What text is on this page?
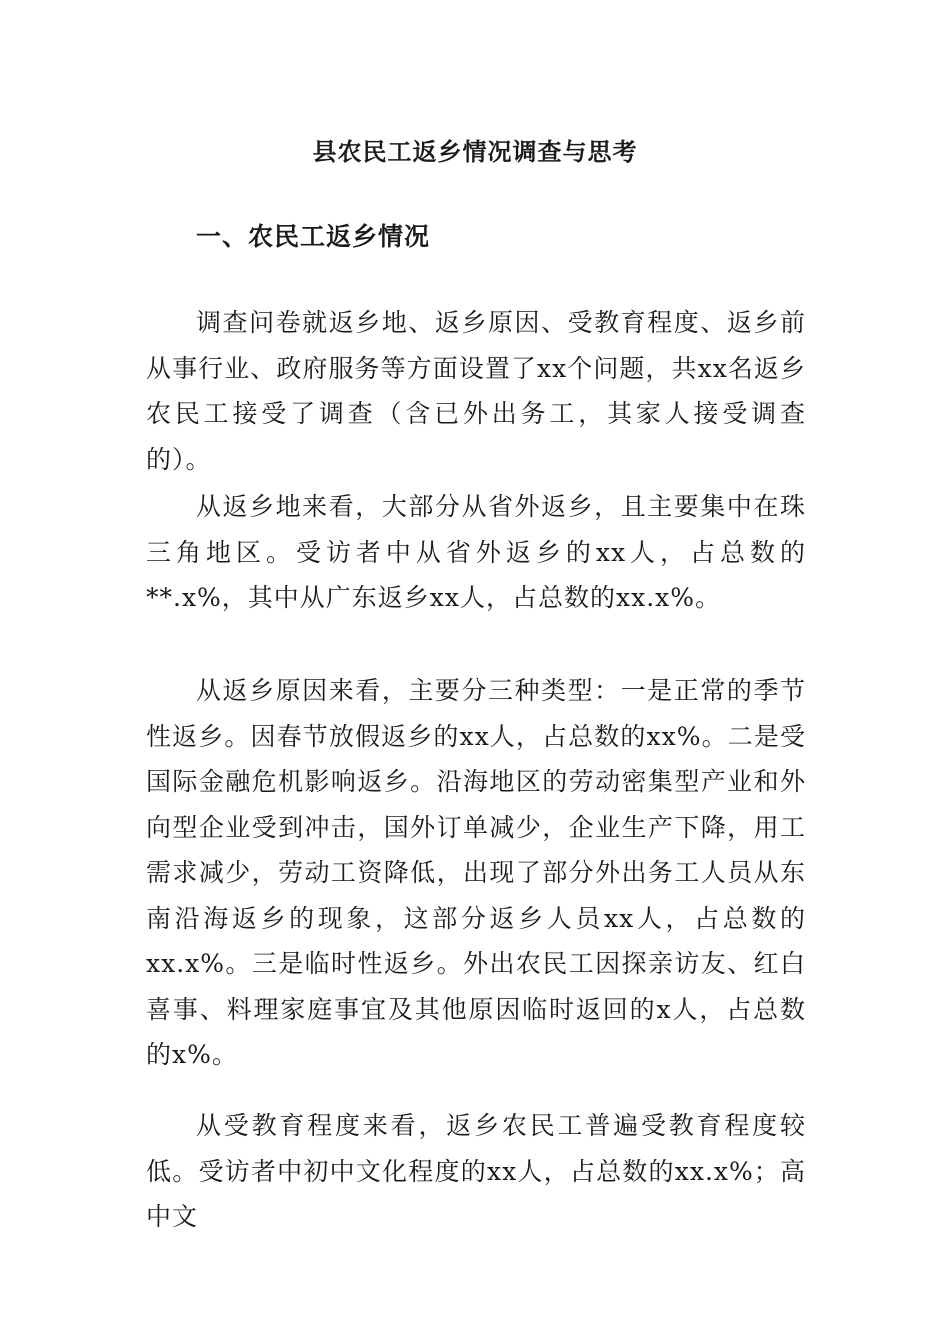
县农民工返乡情况调查与思考
一、农民工返乡情况

调查问卷就返乡地、返乡原因、受教育程度、返乡前从事行业、政府服务等方面设置了xx个问题，共xx名返乡农民工接受了调查（含已外出务工，其家人接受调查的）。

从返乡地来看，大部分从省外返乡，且主要集中在珠三角地区。受访者中从省外返乡的xx人，占总数的**.x%，其中从广东返乡xx人，占总数的xx.x%。

从返乡原因来看，主要分三种类型：一是正常的季节性返乡。因春节放假返乡的xx人，占总数的xx%。二是受国际金融危机影响返乡。沿海地区的劳动密集型产业和外向型企业受到冲击，国外订单减少，企业生产下降，用工需求减少，劳动工资降低，出现了部分外出务工人员从东南沿海返乡的现象，这部分返乡人员xx人，占总数的xx.x%。三是临时性返乡。外出农民工因探亲访友、红白喜事、料理家庭事宜及其他原因临时返回的x人，占总数的x%。

从受教育程度来看，返乡农民工普遍受教育程度较低。受访者中初中文化程度的xx人，占总数的xx.x%；高中文
